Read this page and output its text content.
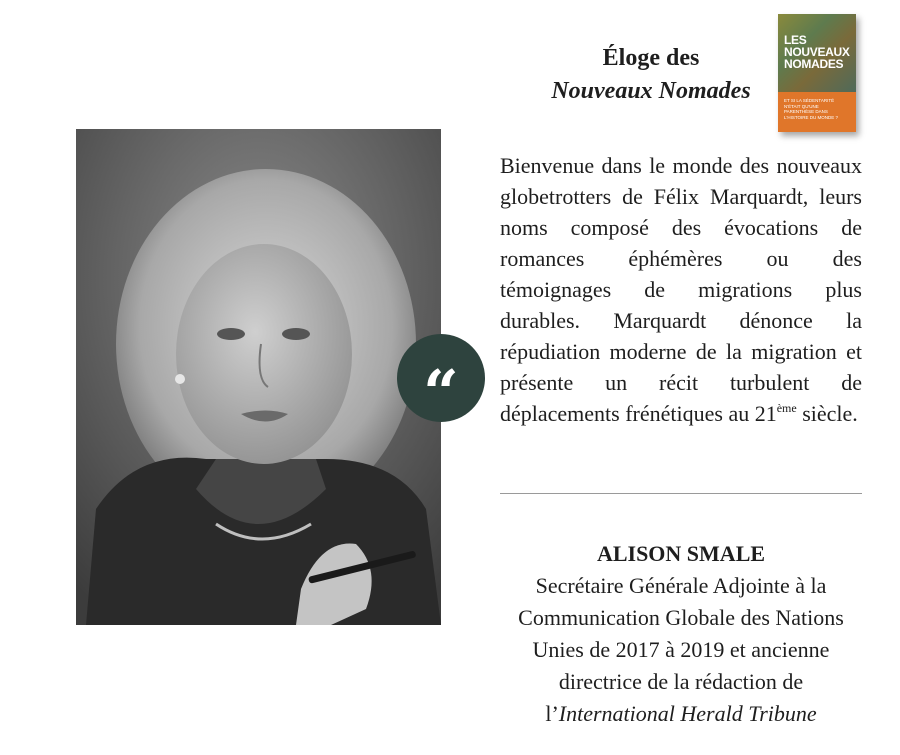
Éloge des
Nouveaux Nomades
LES NOUVEAUX NOMADES
ET SI LA SÉDENTARITÉ N'ÉTAIT QU'UNE PARENTHÈSE DANS L'HISTOIRE DU MONDE ?
“
Bienvenue dans le monde des nouveaux globetrotters de Félix Marquardt, leurs noms composé des évocations de romances éphémères ou des témoignages de migrations plus durables. Marquardt dénonce la répudiation moderne de la migration et présente un récit turbulent de déplacements frénétiques au 21ème siècle.
ALISON SMALE
Secrétaire Générale Adjointe à la Communication Globale des Nations Unies de 2017 à 2019 et ancienne directrice de la rédaction de l’International Herald Tribune
